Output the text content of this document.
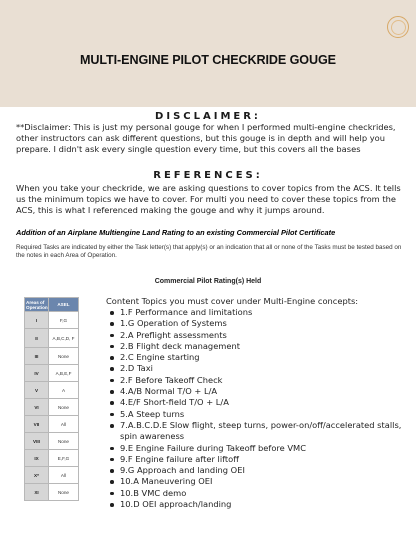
MULTI-ENGINE PILOT CHECKRIDE GOUGE
DISCLAIMER:
**Disclaimer: This is just my personal gouge for when I performed multi-engine checkrides, other instructors can ask different questions, but this gouge is in depth and will help you prepare. I didn't ask every single question every time, but this covers all the bases
REFERENCES:
When you take your checkride, we are asking questions to cover topics from the ACS. It tells us the minimum topics we have to cover. For multi you need to cover these topics from the ACS, this is what I referenced making the gouge and why it jumps around.
Addition of an Airplane Multiengine Land Rating to an existing Commercial Pilot Certificate
Required Tasks are indicated by either the Task letter(s) that apply(s) or an indication that all or none of the Tasks must be tested based on the notes in each Area of Operation.
Commercial Pilot Rating(s) Held
Areas of Operation	ASEL
I	F,G
II	A,B,C,D, F
III	None
IV	A,B,E,F
V	A
VI	None
VII	All
VIII	None
IX	E,F,G
X*	All
XI	None
Content Topics you must cover under Multi-Engine concepts:
1.F Performance and limitations
1.G Operation of Systems
2.A Preflight assessments
2.B Flight deck management
2.C Engine starting
2.D Taxi
2.F Before Takeoff Check
4.A/B Normal T/O + L/A
4.E/F Short-field T/O + L/A
5.A Steep turns
7.A.B.C.D.E Slow flight, steep turns, power-on/off/accelerated stalls, spin awareness
9.E Engine Failure during Takeoff before VMC
9.F Engine failure after liftoff
9.G Approach and landing OEI
10.A Maneuvering OEI
10.B VMC demo
10.D OEI approach/landing
